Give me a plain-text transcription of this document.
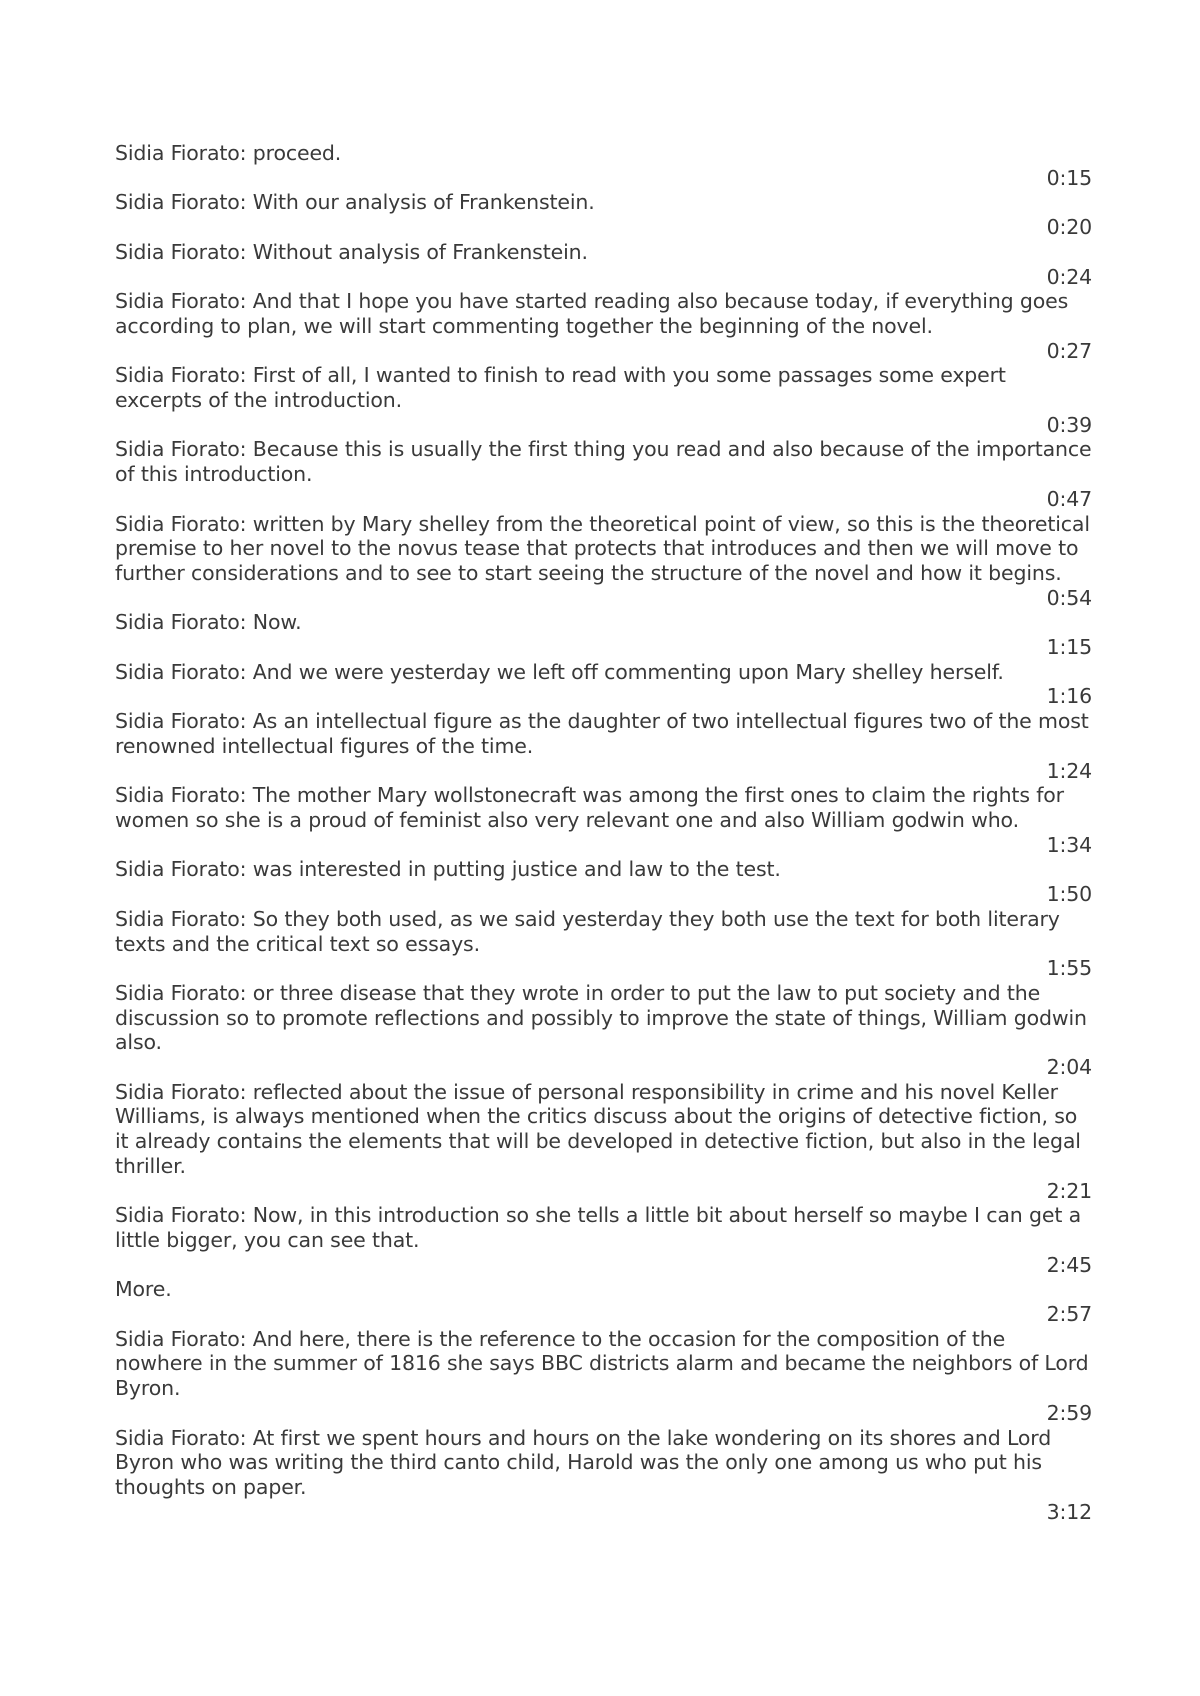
Sidia Fiorato: proceed.
0:15
Sidia Fiorato: With our analysis of Frankenstein.
0:20
Sidia Fiorato: Without analysis of Frankenstein.
0:24
Sidia Fiorato: And that I hope you have started reading also because today, if everything goes according to plan, we will start commenting together the beginning of the novel.
0:27
Sidia Fiorato: First of all, I wanted to finish to read with you some passages some expert excerpts of the introduction.
0:39
Sidia Fiorato: Because this is usually the first thing you read and also because of the importance of this introduction.
0:47
Sidia Fiorato: written by Mary shelley from the theoretical point of view, so this is the theoretical premise to her novel to the novus tease that protects that introduces and then we will move to further considerations and to see to start seeing the structure of the novel and how it begins.
0:54
Sidia Fiorato: Now.
1:15
Sidia Fiorato: And we were yesterday we left off commenting upon Mary shelley herself.
1:16
Sidia Fiorato: As an intellectual figure as the daughter of two intellectual figures two of the most renowned intellectual figures of the time.
1:24
Sidia Fiorato: The mother Mary wollstonecraft was among the first ones to claim the rights for women so she is a proud of feminist also very relevant one and also William godwin who.
1:34
Sidia Fiorato: was interested in putting justice and law to the test.
1:50
Sidia Fiorato: So they both used, as we said yesterday they both use the text for both literary texts and the critical text so essays.
1:55
Sidia Fiorato: or three disease that they wrote in order to put the law to put society and the discussion so to promote reflections and possibly to improve the state of things, William godwin also.
2:04
Sidia Fiorato: reflected about the issue of personal responsibility in crime and his novel Keller Williams, is always mentioned when the critics discuss about the origins of detective fiction, so it already contains the elements that will be developed in detective fiction, but also in the legal thriller.
2:21
Sidia Fiorato: Now, in this introduction so she tells a little bit about herself so maybe I can get a little bigger, you can see that.
2:45
More.
2:57
Sidia Fiorato: And here, there is the reference to the occasion for the composition of the nowhere in the summer of 1816 she says BBC districts alarm and became the neighbors of Lord Byron.
2:59
Sidia Fiorato: At first we spent hours and hours on the lake wondering on its shores and Lord Byron who was writing the third canto child, Harold was the only one among us who put his thoughts on paper.
3:12
